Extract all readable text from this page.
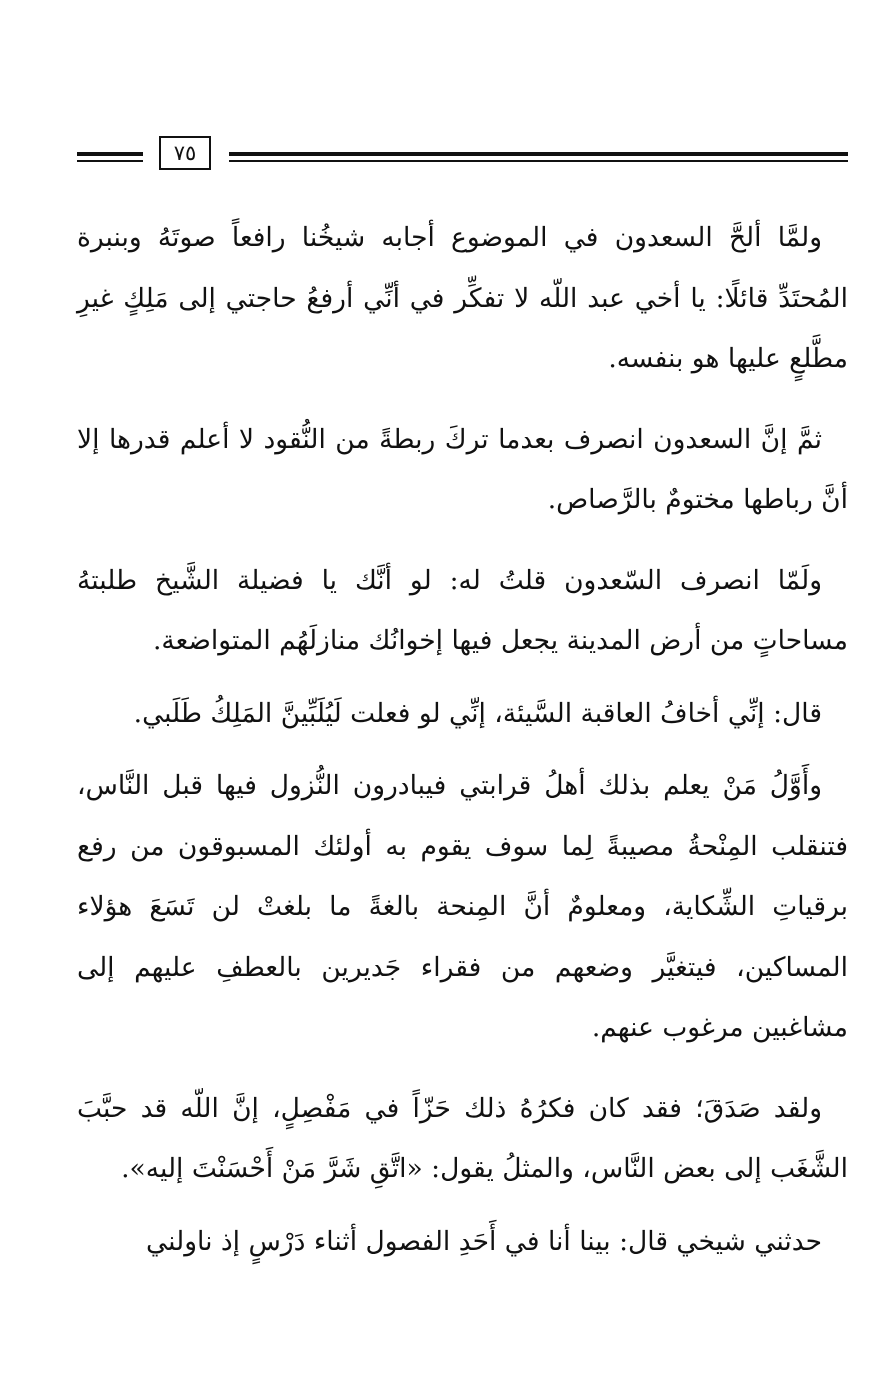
٧٥

ولمَّا ألحَّ السعدون في الموضوع أجابه شيخُنا رافعاً صوتَهُ وبنبرة المُحتَدِّ قائلًا: يا أخي عبد اللّه لا تفكِّر في أنِّي أرفعُ حاجتي إلى مَلِكٍ غيرِ مطَّلعٍ عليها هو بنفسه.

ثمَّ إنَّ السعدون انصرف بعدما تركَ ربطةً من النُّقود لا أعلم قدرها إلا أنَّ رباطها مختومٌ بالرَّصاص.

ولَمّا انصرف السّعدون قلتُ له: لو أنَّك يا فضيلة الشَّيخ طلبتهُ مساحاتٍ من أرض المدينة يجعل فيها إخوانُك منازلَهُم المتواضعة.

قال: إنِّي أخافُ العاقبة السَّيئة، إنِّي لو فعلت لَيُلَبِّينَّ المَلِكُ طَلَبي.

وأَوَّلُ مَنْ يعلم بذلك أهلُ قرابتي فيبادرون النُّزول فيها قبل النَّاس، فتنقلب المِنْحةُ مصيبةً لِما سوف يقوم به أولئك المسبوقون من رفع برقياتِ الشِّكاية، ومعلومٌ أنَّ المِنحة بالغةً ما بلغتْ لن تَسَعَ هؤلاء المساكين، فيتغيَّر وضعهم من فقراء جَديرين بالعطفِ عليهم إلى مشاغبين مرغوب عنهم.

ولقد صَدَقَ؛ فقد كان فكرُهُ ذلك حَزّاً في مَفْصِلٍ، إنَّ اللّه قد حبَّبَ الشَّغَب إلى بعض النَّاس، والمثلُ يقول: «اتَّقِ شَرَّ مَنْ أَحْسَنْتَ إليه».

حدثني شيخي قال: بينا أنا في أَحَدِ الفصول أثناء دَرْسٍ إذ ناولني
